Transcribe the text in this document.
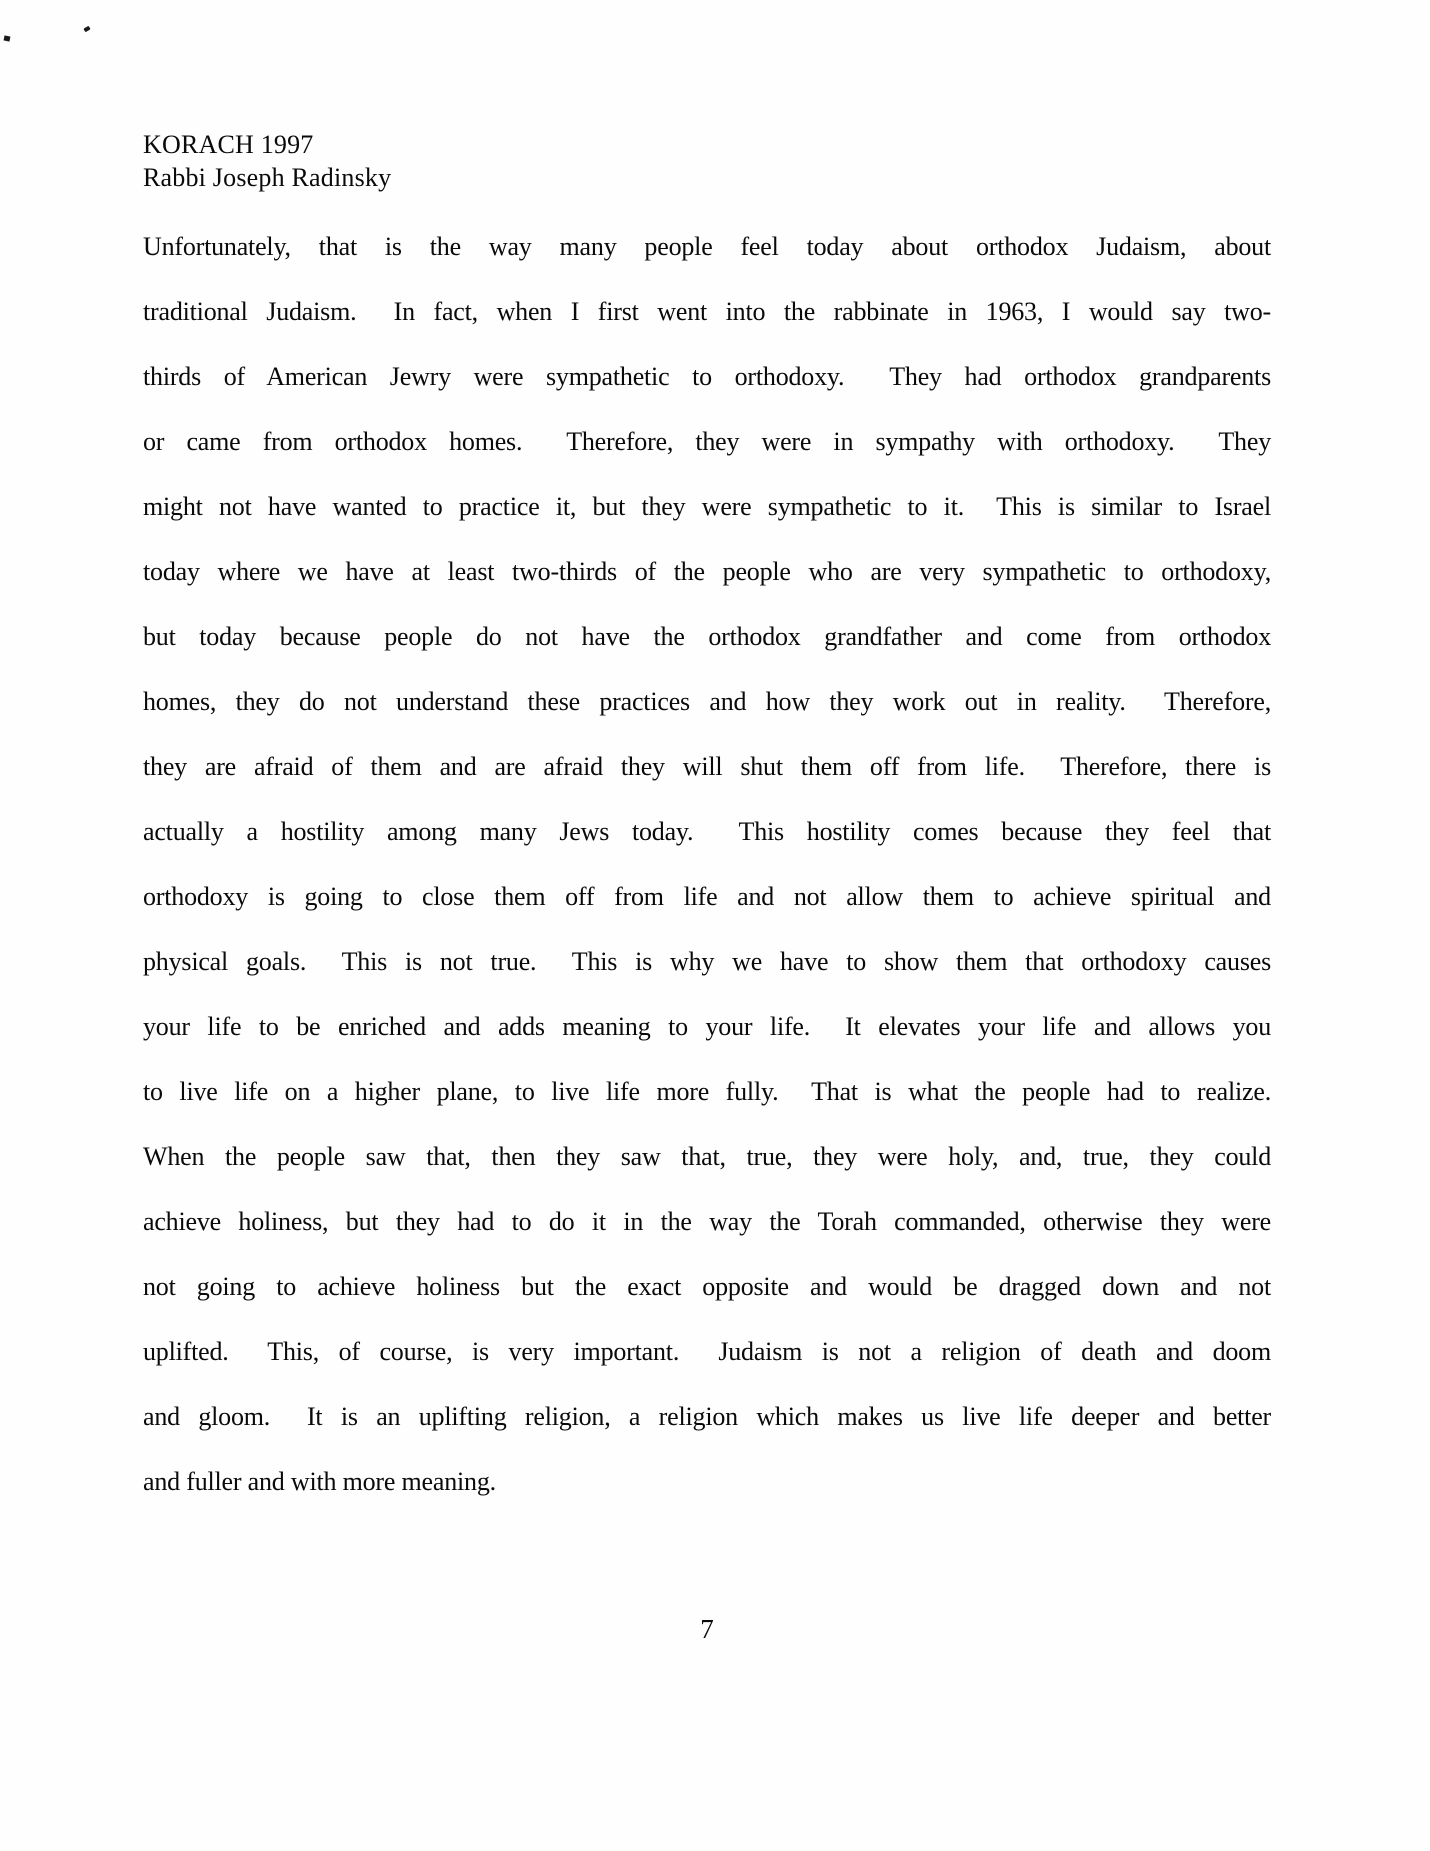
KORACH 1997
Rabbi Joseph Radinsky
Unfortunately, that is the way many people feel today about orthodox Judaism, about
traditional Judaism.  In fact, when I first went into the rabbinate in 1963, I would say two-
thirds of American Jewry were sympathetic to orthodoxy.  They had orthodox grandparents
or came from orthodox homes.  Therefore, they were in sympathy with orthodoxy.  They
might not have wanted to practice it, but they were sympathetic to it.  This is similar to Israel
today where we have at least two-thirds of the people who are very sympathetic to orthodoxy,
but today because people do not have the orthodox grandfather and come from orthodox
homes, they do not understand these practices and how they work out in reality.  Therefore,
they are afraid of them and are afraid they will shut them off from life.  Therefore, there is
actually a hostility among many Jews today.  This hostility comes because they feel that
orthodoxy is going to close them off from life and not allow them to achieve spiritual and
physical goals.  This is not true.  This is why we have to show them that orthodoxy causes
your life to be enriched and adds meaning to your life.  It elevates your life and allows you
to live life on a higher plane, to live life more fully.  That is what the people had to realize.
When the people saw that, then they saw that, true, they were holy, and, true, they could
achieve holiness, but they had to do it in the way the Torah commanded, otherwise they were
not going to achieve holiness but the exact opposite and would be dragged down and not
uplifted.  This, of course, is very important.  Judaism is not a religion of death and doom
and gloom.  It is an uplifting religion, a religion which makes us live life deeper and better
and fuller and with more meaning.
7
